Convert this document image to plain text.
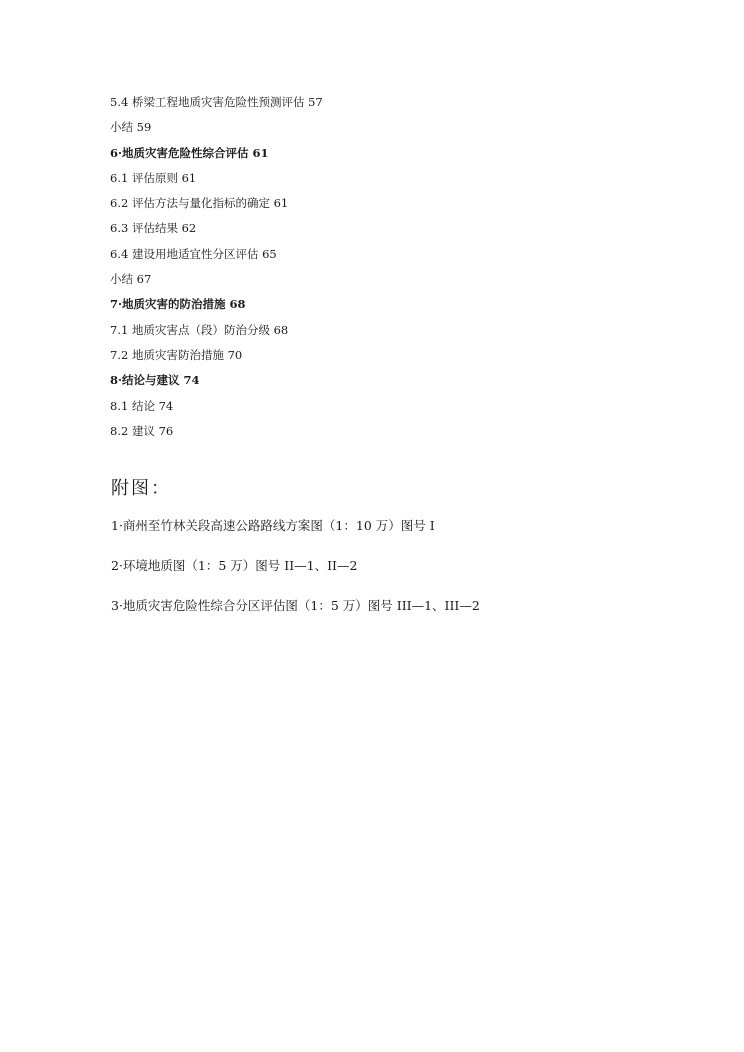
5.4 桥梁工程地质灾害危险性预测评估 57
小结 59
6·地质灾害危险性综合评估 61
6.1 评估原则 61
6.2 评估方法与量化指标的确定 61
6.3 评估结果 62
6.4 建设用地适宜性分区评估 65
小结 67
7·地质灾害的防治措施 68
7.1 地质灾害点（段）防治分级 68
7.2 地质灾害防治措施 70
8·结论与建议 74
8.1 结论 74
8.2 建议 76
附图：
1·商州至竹林关段高速公路路线方案图（1：10 万）图号 I
2·环境地质图（1：5 万）图号 II—1、II—2
3·地质灾害危险性综合分区评估图（1：5 万）图号 III—1、III—2
